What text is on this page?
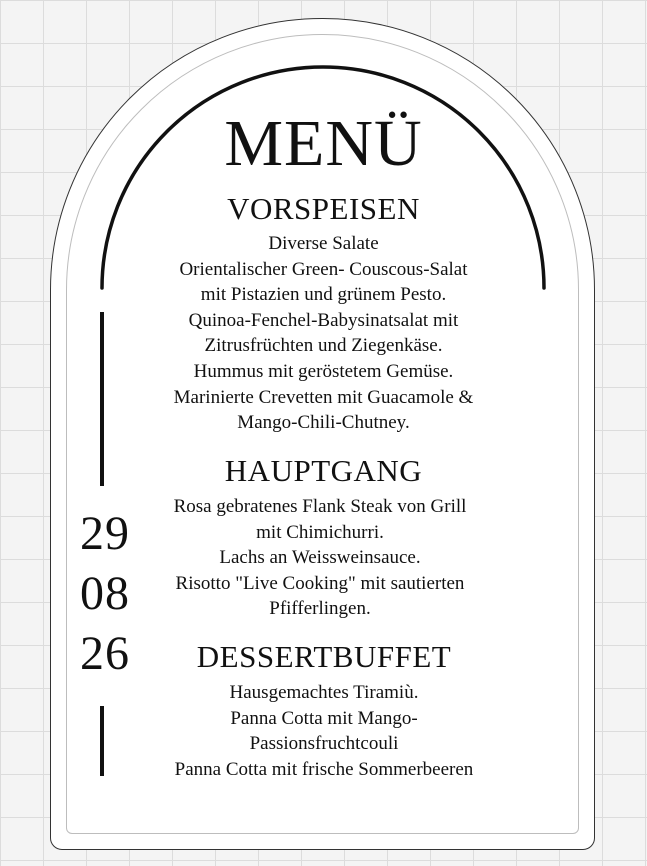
29
08
26
MENÜ
VORSPEISEN
Diverse Salate
Orientalischer Green- Couscous-Salat
mit Pistazien und grünem Pesto.
Quinoa-Fenchel-Babysinatsalat mit
Zitrusfrüchten und Ziegenkäse.
Hummus mit geröstetem Gemüse.
Marinierte Crevetten mit Guacamole &
Mango-Chili-Chutney.
HAUPTGANG
Rosa gebratenes Flank Steak von Grill
mit Chimichurri.
Lachs an Weissweinsauce.
Risotto "Live Cooking" mit sautierten
Pfifferlingen.
DESSERTBUFFET
Hausgemachtes Tiramiù.
Panna Cotta mit Mango-
Passionsfruchtcouli
Panna Cotta mit frische Sommerbeeren
